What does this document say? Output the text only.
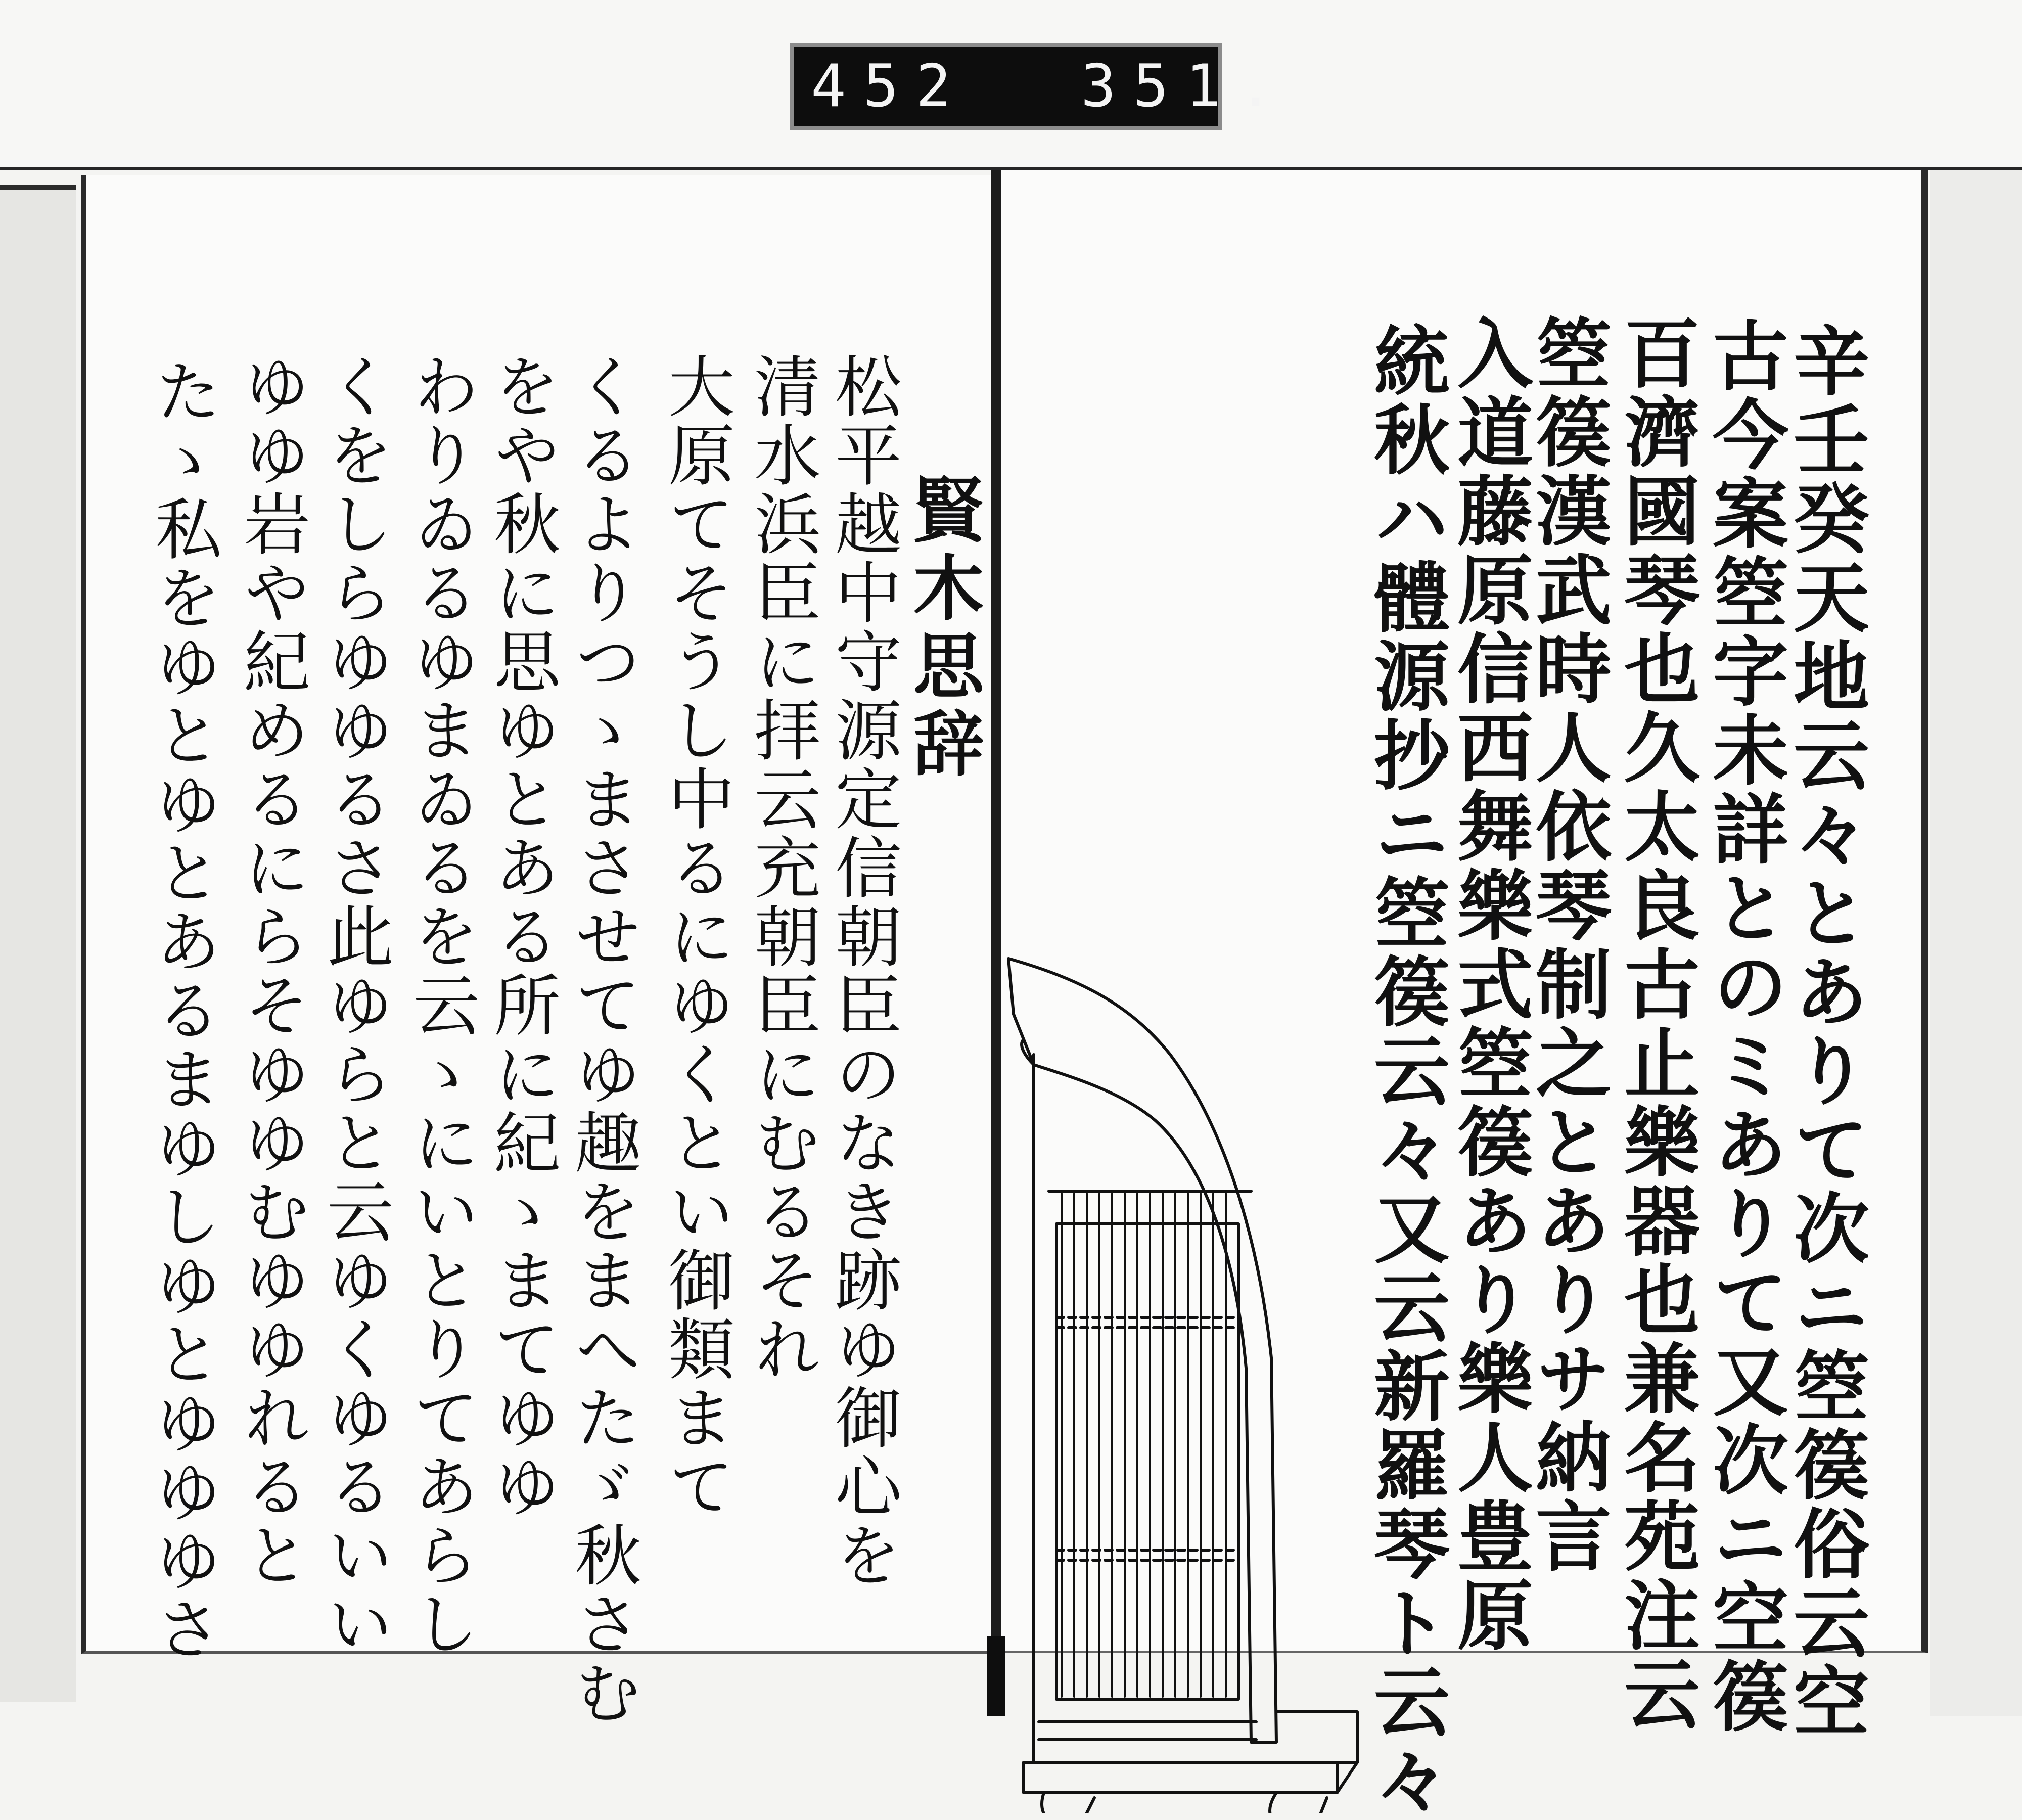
452 351.
辛壬癸天地云々とありて次ニ箜篌俗云空
古今案箜字未詳とのミありて又次ニ空篌
百濟國琴也久太良古止樂器也兼名苑注云
箜篌漢武時人依琴制之とありサ納言
入道藤原信西舞樂式箜篌あり樂人豊原
統秋ハ體源抄ニ箜篌云々又云新羅琴ト云々
賢木思辞
松平越中守源定信朝臣のなき跡ゆ御心を
清水浜臣に拝云充朝臣にむるそれ
大原てそうし中るにゆくとい御類まて
くるよりつゝまさせてゆ趣をまへたゞ秋さむ
をや秋に思ゆとある所に紀ゝまてゆゆ
わりゐるゆまゐるを云ゝにいとりてあらし
くをしらゆゆるさ此ゆらと云ゆくゆるいい
ゆゆ岩や紀めるにらそゆゆむゆゆれると
たゝ私をゆとゆとあるまゆしゆとゆゆゆさ
